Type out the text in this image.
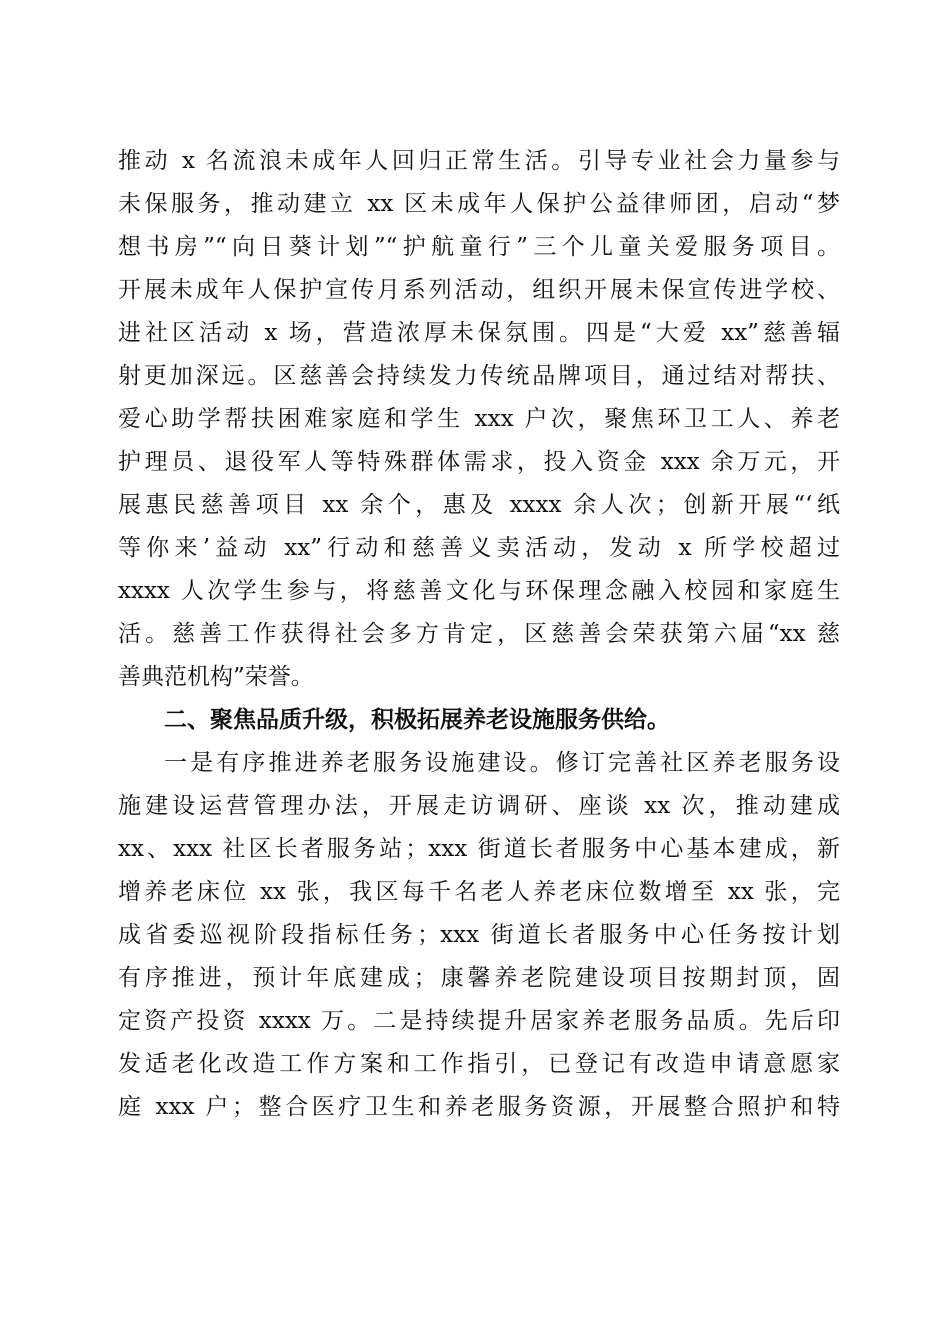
推动 x 名流浪未成年人回归正常生活。引导专业社会力量参与
未保服务，推动建立 xx 区未成年人保护公益律师团，启动“梦
想书房”“向日葵计划”“护航童行”三个儿童关爱服务项目。
开展未成年人保护宣传月系列活动，组织开展未保宣传进学校、
进社区活动 x 场，营造浓厚未保氛围。四是“大爱 xx”慈善辐
射更加深远。区慈善会持续发力传统品牌项目，通过结对帮扶、
爱心助学帮扶困难家庭和学生 xxx 户次，聚焦环卫工人、养老
护理员、退役军人等特殊群体需求，投入资金 xxx 余万元，开
展惠民慈善项目 xx 余个，惠及 xxxx 余人次；创新开展“‘纸
等你来’益动 xx”行动和慈善义卖活动，发动 x 所学校超过
xxxx 人次学生参与，将慈善文化与环保理念融入校园和家庭生
活。慈善工作获得社会多方肯定，区慈善会荣获第六届“xx 慈
善典范机构”荣誉。
二、聚焦品质升级，积极拓展养老设施服务供给。
一是有序推进养老服务设施建设。修订完善社区养老服务设
施建设运营管理办法，开展走访调研、座谈 xx 次，推动建成
xx、xxx 社区长者服务站；xxx 街道长者服务中心基本建成，新
增养老床位 xx 张，我区每千名老人养老床位数增至 xx 张，完
成省委巡视阶段指标任务；xxx 街道长者服务中心任务按计划
有序推进，预计年底建成；康馨养老院建设项目按期封顶，固
定资产投资 xxxx 万。二是持续提升居家养老服务品质。先后印
发适老化改造工作方案和工作指引，已登记有改造申请意愿家
庭 xxx 户；整合医疗卫生和养老服务资源，开展整合照护和特
